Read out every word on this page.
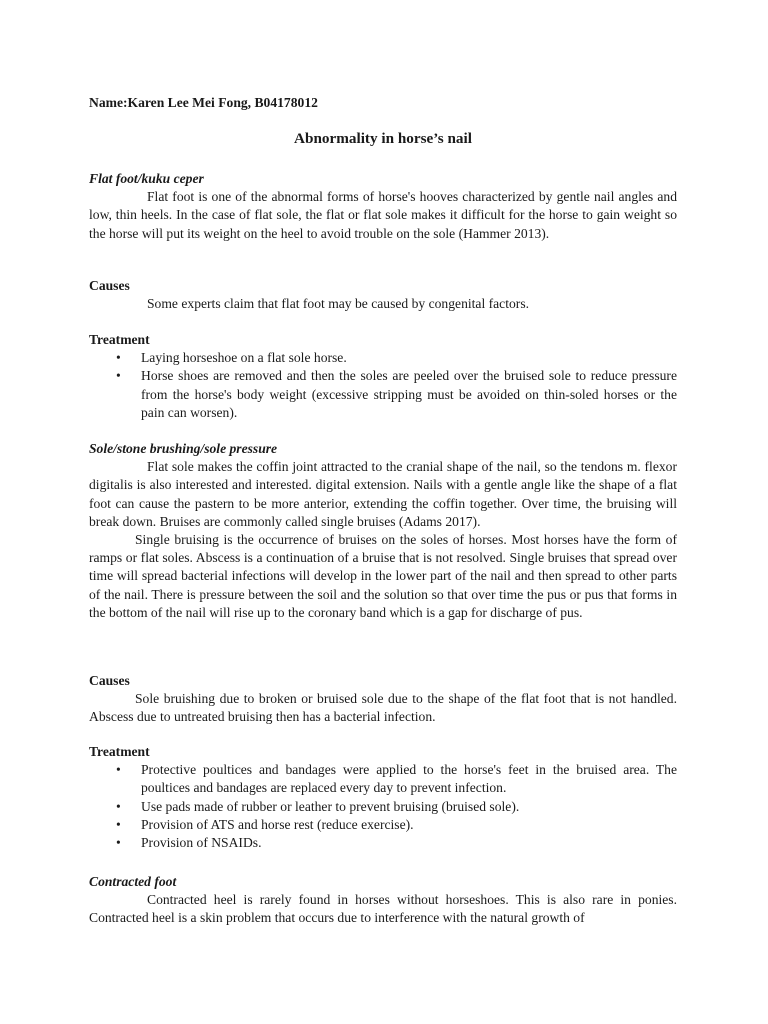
Name:Karen Lee Mei Fong, B04178012
Abnormality in horse’s nail
Flat foot/kuku ceper

Flat foot is one of the abnormal forms of horse's hooves characterized by gentle nail angles and low, thin heels. In the case of flat sole, the flat or flat sole makes it difficult for the horse to gain weight so the horse will put its weight on the heel to avoid trouble on the sole (Hammer 2013).

Causes

Some experts claim that flat foot may be caused by congenital factors.

Treatment
• Laying horseshoe on a flat sole horse.
• Horse shoes are removed and then the soles are peeled over the bruised sole to reduce pressure from the horse's body weight (excessive stripping must be avoided on thin-soled horses or the pain can worsen).
Sole/stone brushing/sole pressure

Flat sole makes the coffin joint attracted to the cranial shape of the nail, so the tendons m. flexor digitalis is also interested and interested. digital extension. Nails with a gentle angle like the shape of a flat foot can cause the pastern to be more anterior, extending the coffin together. Over time, the bruising will break down. Bruises are commonly called single bruises (Adams 2017).

Single bruising is the occurrence of bruises on the soles of horses. Most horses have the form of ramps or flat soles. Abscess is a continuation of a bruise that is not resolved. Single bruises that spread over time will spread bacterial infections will develop in the lower part of the nail and then spread to other parts of the nail. There is pressure between the soil and the solution so that over time the pus or pus that forms in the bottom of the nail will rise up to the coronary band which is a gap for discharge of pus.

Causes

Sole bruishing due to broken or bruised sole due to the shape of the flat foot that is not handled. Abscess due to untreated bruising then has a bacterial infection.

Treatment
• Protective poultices and bandages were applied to the horse's feet in the bruised area. The poultices and bandages are replaced every day to prevent infection.
• Use pads made of rubber or leather to prevent bruising (bruised sole).
• Provision of ATS and horse rest (reduce exercise).
• Provision of NSAIDs.
Contracted foot

Contracted heel is rarely found in horses without horseshoes. This is also rare in ponies. Contracted heel is a skin problem that occurs due to interference with the natural growth of
